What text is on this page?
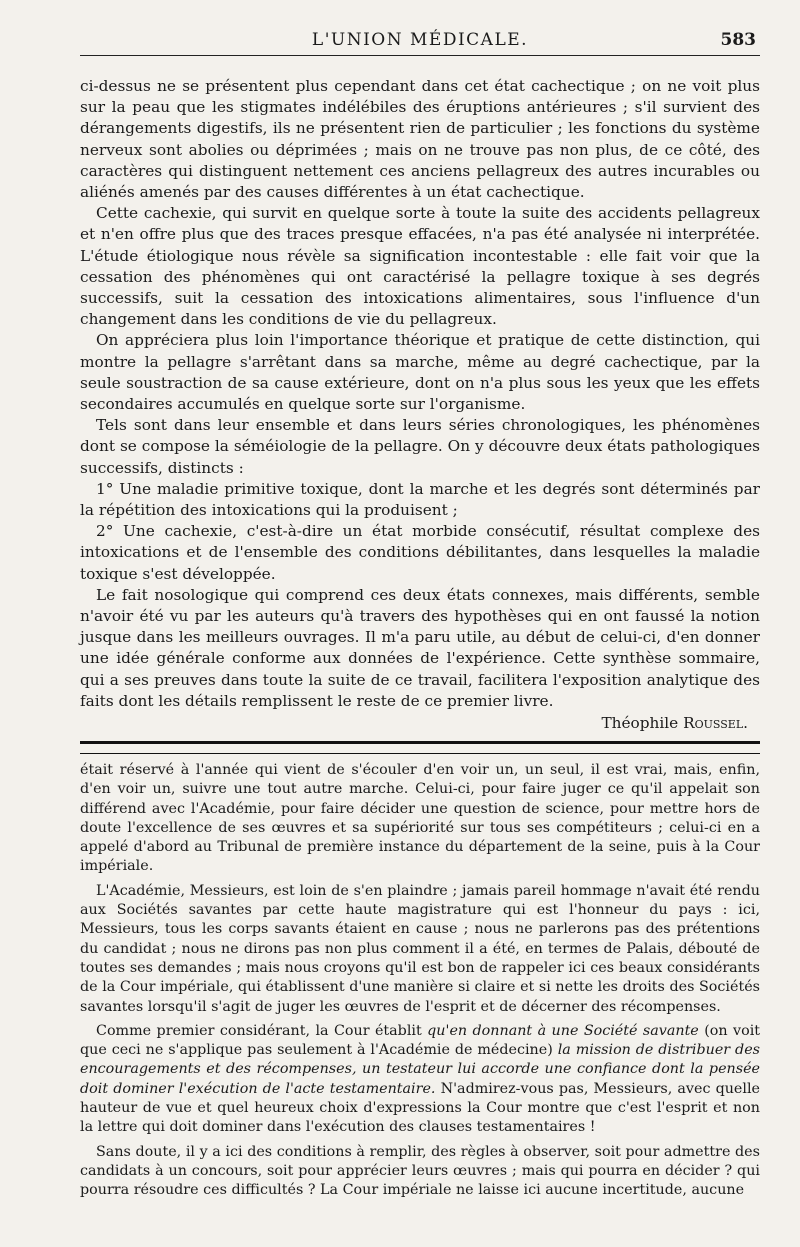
L'UNION MÉDICALE.	583

ci-dessus ne se présentent plus cependant dans cet état cachectique ; on ne voit plus sur la peau que les stigmates indélébiles des éruptions antérieures ; s'il survient des dérangements digestifs, ils ne présentent rien de particulier ; les fonctions du système nerveux sont abolies ou déprimées ; mais on ne trouve pas non plus, de ce côté, des caractères qui distinguent nettement ces anciens pellagreux des autres incurables ou aliénés amenés par des causes différentes à un état cachectique.

Cette cachexie, qui survit en quelque sorte à toute la suite des accidents pellagreux et n'en offre plus que des traces presque effacées, n'a pas été analysée ni interprétée. L'étude étiologique nous révèle sa signification incontestable : elle fait voir que la cessation des phénomènes qui ont caractérisé la pellagre toxique à ses degrés successifs, suit la cessation des intoxications alimentaires, sous l'influence d'un changement dans les conditions de vie du pellagreux.

On appréciera plus loin l'importance théorique et pratique de cette distinction, qui montre la pellagre s'arrêtant dans sa marche, même au degré cachectique, par la seule soustraction de sa cause extérieure, dont on n'a plus sous les yeux que les effets secondaires accumulés en quelque sorte sur l'organisme.

Tels sont dans leur ensemble et dans leurs séries chronologiques, les phénomènes dont se compose la séméiologie de la pellagre. On y découvre deux états pathologiques successifs, distincts :

1° Une maladie primitive toxique, dont la marche et les degrés sont déterminés par la répétition des intoxications qui la produisent ;

2° Une cachexie, c'est-à-dire un état morbide consécutif, résultat complexe des intoxications et de l'ensemble des conditions débilitantes, dans lesquelles la maladie toxique s'est développée.

Le fait nosologique qui comprend ces deux états connexes, mais différents, semble n'avoir été vu par les auteurs qu'à travers des hypothèses qui en ont faussé la notion jusque dans les meilleurs ouvrages. Il m'a paru utile, au début de celui-ci, d'en donner une idée générale conforme aux données de l'expérience. Cette synthèse sommaire, qui a ses preuves dans toute la suite de ce travail, facilitera l'exposition analytique des faits dont les détails remplissent le reste de ce premier livre.

Théophile Roussel.

était réservé à l'année qui vient de s'écouler d'en voir un, un seul, il est vrai, mais, enfin, d'en voir un, suivre une tout autre marche. Celui-ci, pour faire juger ce qu'il appelait son différend avec l'Académie, pour faire décider une question de science, pour mettre hors de doute l'excellence de ses œuvres et sa supériorité sur tous ses compétiteurs ; celui-ci en a appelé d'abord au Tribunal de première instance du département de la seine, puis à la Cour impériale.

L'Académie, Messieurs, est loin de s'en plaindre ; jamais pareil hommage n'avait été rendu aux Sociétés savantes par cette haute magistrature qui est l'honneur du pays : ici, Messieurs, tous les corps savants étaient en cause ; nous ne parlerons pas des prétentions du candidat ; nous ne dirons pas non plus comment il a été, en termes de Palais, débouté de toutes ses demandes ; mais nous croyons qu'il est bon de rappeler ici ces beaux considérants de la Cour impériale, qui établissent d'une manière si claire et si nette les droits des Sociétés savantes lorsqu'il s'agit de juger les œuvres de l'esprit et de décerner des récompenses.

Comme premier considérant, la Cour établit qu'en donnant à une Société savante (on voit que ceci ne s'applique pas seulement à l'Académie de médecine) la mission de distribuer des encouragements et des récompenses, un testateur lui accorde une confiance dont la pensée doit dominer l'exécution de l'acte testamentaire. N'admirez-vous pas, Messieurs, avec quelle hauteur de vue et quel heureux choix d'expressions la Cour montre que c'est l'esprit et non la lettre qui doit dominer dans l'exécution des clauses testamentaires !

Sans doute, il y a ici des conditions à remplir, des règles à observer, soit pour admettre des candidats à un concours, soit pour apprécier leurs œuvres ; mais qui pourra en décider ? qui pourra résoudre ces difficultés ? La Cour impériale ne laisse ici aucune incertitude, aucune
